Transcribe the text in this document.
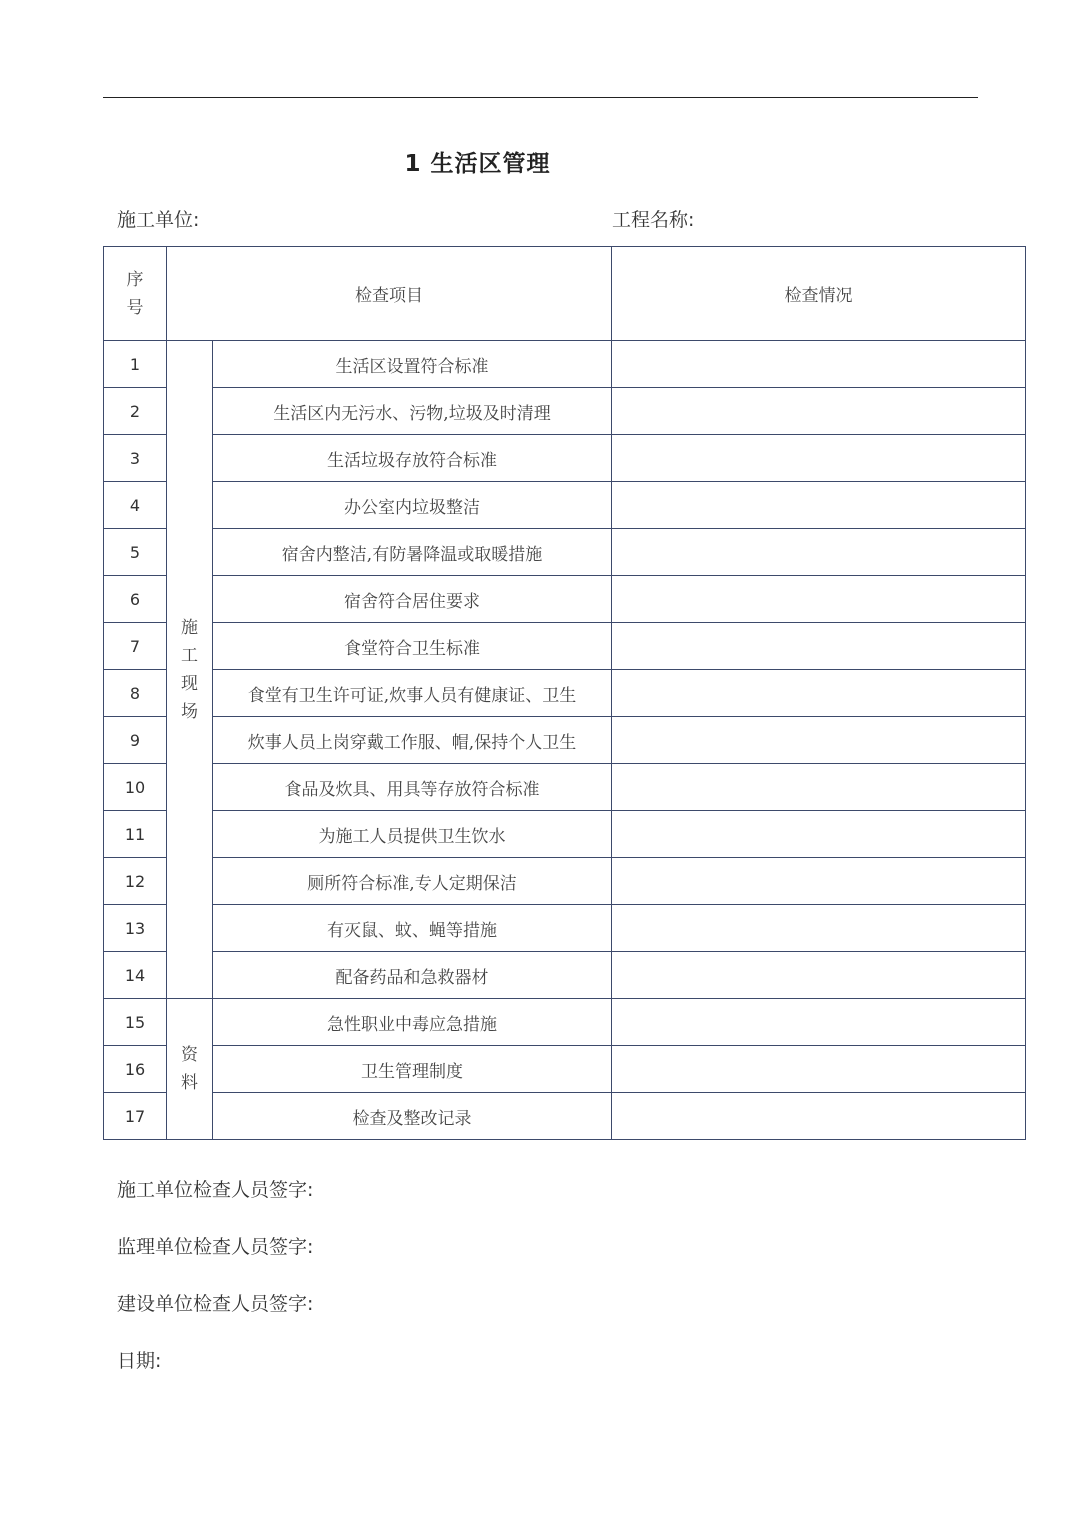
1 生活区管理
施工单位:	工程名称:
序号	检查项目		检查情况
1	施工现场	生活区设置符合标准	
2		生活区内无污水、污物,垃圾及时清理	
3		生活垃圾存放符合标准	
4		办公室内垃圾整洁	
5		宿舍内整洁,有防暑降温或取暖措施	
6		宿舍符合居住要求	
7		食堂符合卫生标准	
8		食堂有卫生许可证,炊事人员有健康证、卫生	
9		炊事人员上岗穿戴工作服、帽,保持个人卫生	
10		食品及炊具、用具等存放符合标准	
11		为施工人员提供卫生饮水	
12		厕所符合标准,专人定期保洁	
13		有灭鼠、蚊、蝇等措施	
14		配备药品和急救器材	
15	资料	急性职业中毒应急措施	
16		卫生管理制度	
17		检查及整改记录	
施工单位检查人员签字:
监理单位检查人员签字:
建设单位检查人员签字:
日期:
